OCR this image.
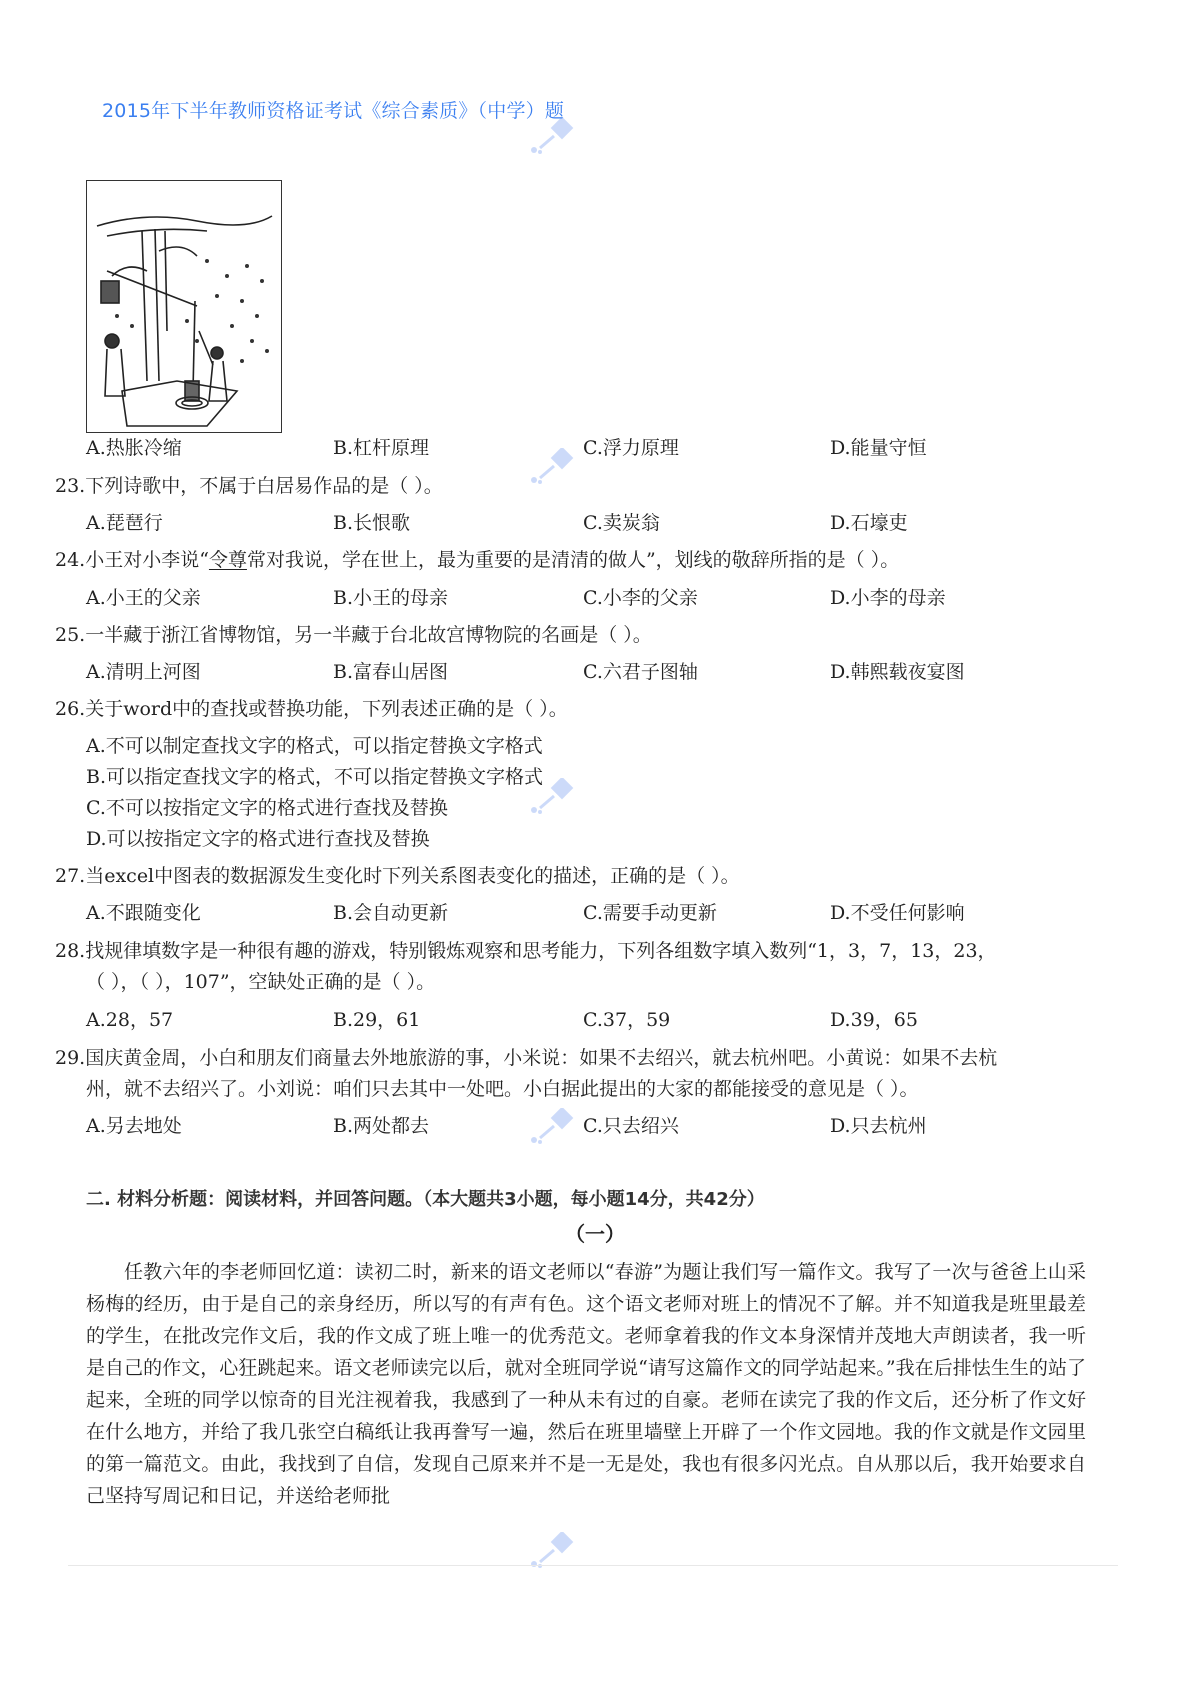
2015年下半年教师资格证考试《综合素质》（中学）题
A.热胀冷缩	B.杠杆原理	C.浮力原理	D.能量守恒
23.下列诗歌中，不属于白居易作品的是（ ）。
A.琵琶行	B.长恨歌	C.卖炭翁	D.石壕吏
24.小王对小李说“令尊常对我说，学在世上，最为重要的是清清的做人”，划线的敬辞所指的是（ ）。
A.小王的父亲	B.小王的母亲	C.小李的父亲	D.小李的母亲
25.一半藏于浙江省博物馆，另一半藏于台北故宫博物院的名画是（ ）。
A.清明上河图	B.富春山居图	C.六君子图轴	D.韩熙载夜宴图
26.关于word中的查找或替换功能，下列表述正确的是（ ）。
A.不可以制定查找文字的格式，可以指定替换文字格式
B.可以指定查找文字的格式，不可以指定替换文字格式
C.不可以按指定文字的格式进行查找及替换
D.可以按指定文字的格式进行查找及替换
27.当excel中图表的数据源发生变化时下列关系图表变化的描述，正确的是（ ）。
A.不跟随变化	B.会自动更新	C.需要手动更新	D.不受任何影响
28.找规律填数字是一种很有趣的游戏，特别锻炼观察和思考能力，下列各组数字填入数列“1，3，7，13，23，
（ ），（ ），107”，空缺处正确的是（ ）。
A.28，57	B.29，61	C.37，59	D.39，65
29.国庆黄金周，小白和朋友们商量去外地旅游的事，小米说：如果不去绍兴，就去杭州吧。小黄说：如果不去杭
州，就不去绍兴了。小刘说：咱们只去其中一处吧。小白据此提出的大家的都能接受的意见是（ ）。
A.另去地处	B.两处都去	C.只去绍兴	D.只去杭州
二. 材料分析题：阅读材料，并回答问题。（本大题共3小题，每小题14分，共42分）
（一）
任教六年的李老师回忆道：读初二时，新来的语文老师以“春游”为题让我们写一篇作文。我写了一次与爸爸上山采杨梅的经历，由于是自己的亲身经历，所以写的有声有色。这个语文老师对班上的情况不了解。并不知道我是班里最差的学生，在批改完作文后，我的作文成了班上唯一的优秀范文。老师拿着我的作文本身深情并茂地大声朗读者，我一听是自己的作文，心狂跳起来。语文老师读完以后，就对全班同学说“请写这篇作文的同学站起来。”我在后排怯生生的站了起来，全班的同学以惊奇的目光注视着我，我感到了一种从未有过的自豪。老师在读完了我的作文后，还分析了作文好在什么地方，并给了我几张空白稿纸让我再誊写一遍，然后在班里墙壁上开辟了一个作文园地。我的作文就是作文园里的第一篇范文。由此，我找到了自信，发现自己原来并不是一无是处，我也有很多闪光点。自从那以后，我开始要求自己坚持写周记和日记，并送给老师批
